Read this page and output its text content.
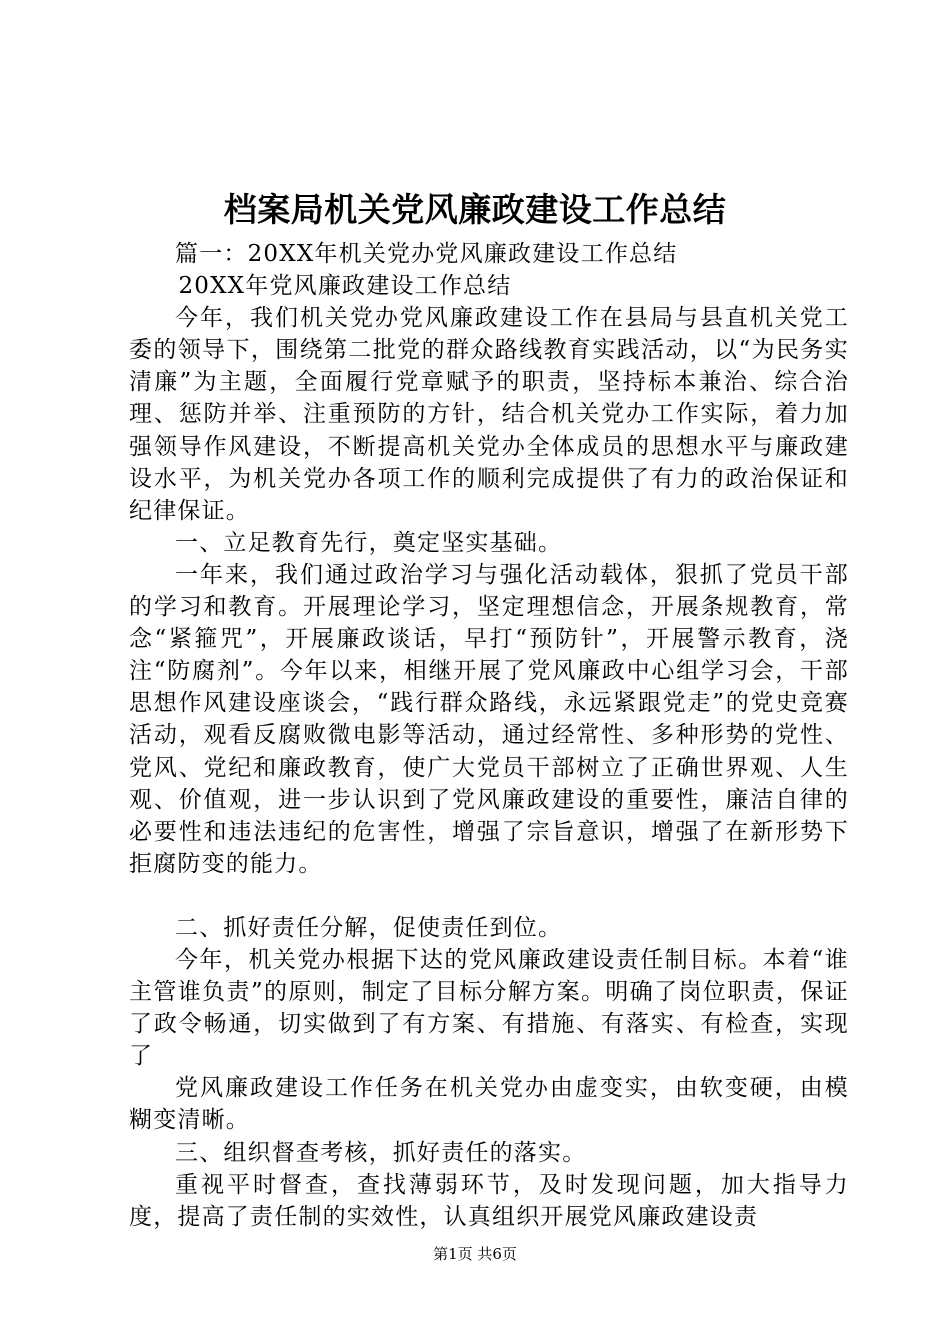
档案局机关党风廉政建设工作总结

篇一：20XX年机关党办党风廉政建设工作总结

20XX年党风廉政建设工作总结

今年，我们机关党办党风廉政建设工作在县局与县直机关党工委的领导下，围绕第二批党的群众路线教育实践活动，以“为民务实清廉”为主题，全面履行党章赋予的职责，坚持标本兼治、综合治理、惩防并举、注重预防的方针，结合机关党办工作实际，着力加强领导作风建设，不断提高机关党办全体成员的思想水平与廉政建设水平，为机关党办各项工作的顺利完成提供了有力的政治保证和纪律保证。

一、立足教育先行，奠定坚实基础。

一年来，我们通过政治学习与强化活动载体，狠抓了党员干部的学习和教育。开展理论学习，坚定理想信念，开展条规教育，常念“紧箍咒”，开展廉政谈话，早打“预防针”，开展警示教育，浇注“防腐剂”。今年以来，相继开展了党风廉政中心组学习会，干部思想作风建设座谈会，“践行群众路线，永远紧跟党走”的党史竞赛活动，观看反腐败微电影等活动，通过经常性、多种形势的党性、党风、党纪和廉政教育，使广大党员干部树立了正确世界观、人生观、价值观，进一步认识到了党风廉政建设的重要性，廉洁自律的必要性和违法违纪的危害性，增强了宗旨意识，增强了在新形势下拒腐防变的能力。

二、抓好责任分解，促使责任到位。

今年，机关党办根据下达的党风廉政建设责任制目标。本着“谁主管谁负责”的原则，制定了目标分解方案。明确了岗位职责，保证了政令畅通，切实做到了有方案、有措施、有落实、有检查，实现了

党风廉政建设工作任务在机关党办由虚变实，由软变硬，由模糊变清晰。

三、组织督查考核，抓好责任的落实。

重视平时督查，查找薄弱环节，及时发现问题，加大指导力度，提高了责任制的实效性，认真组织开展党风廉政建设责

第1页 共6页
